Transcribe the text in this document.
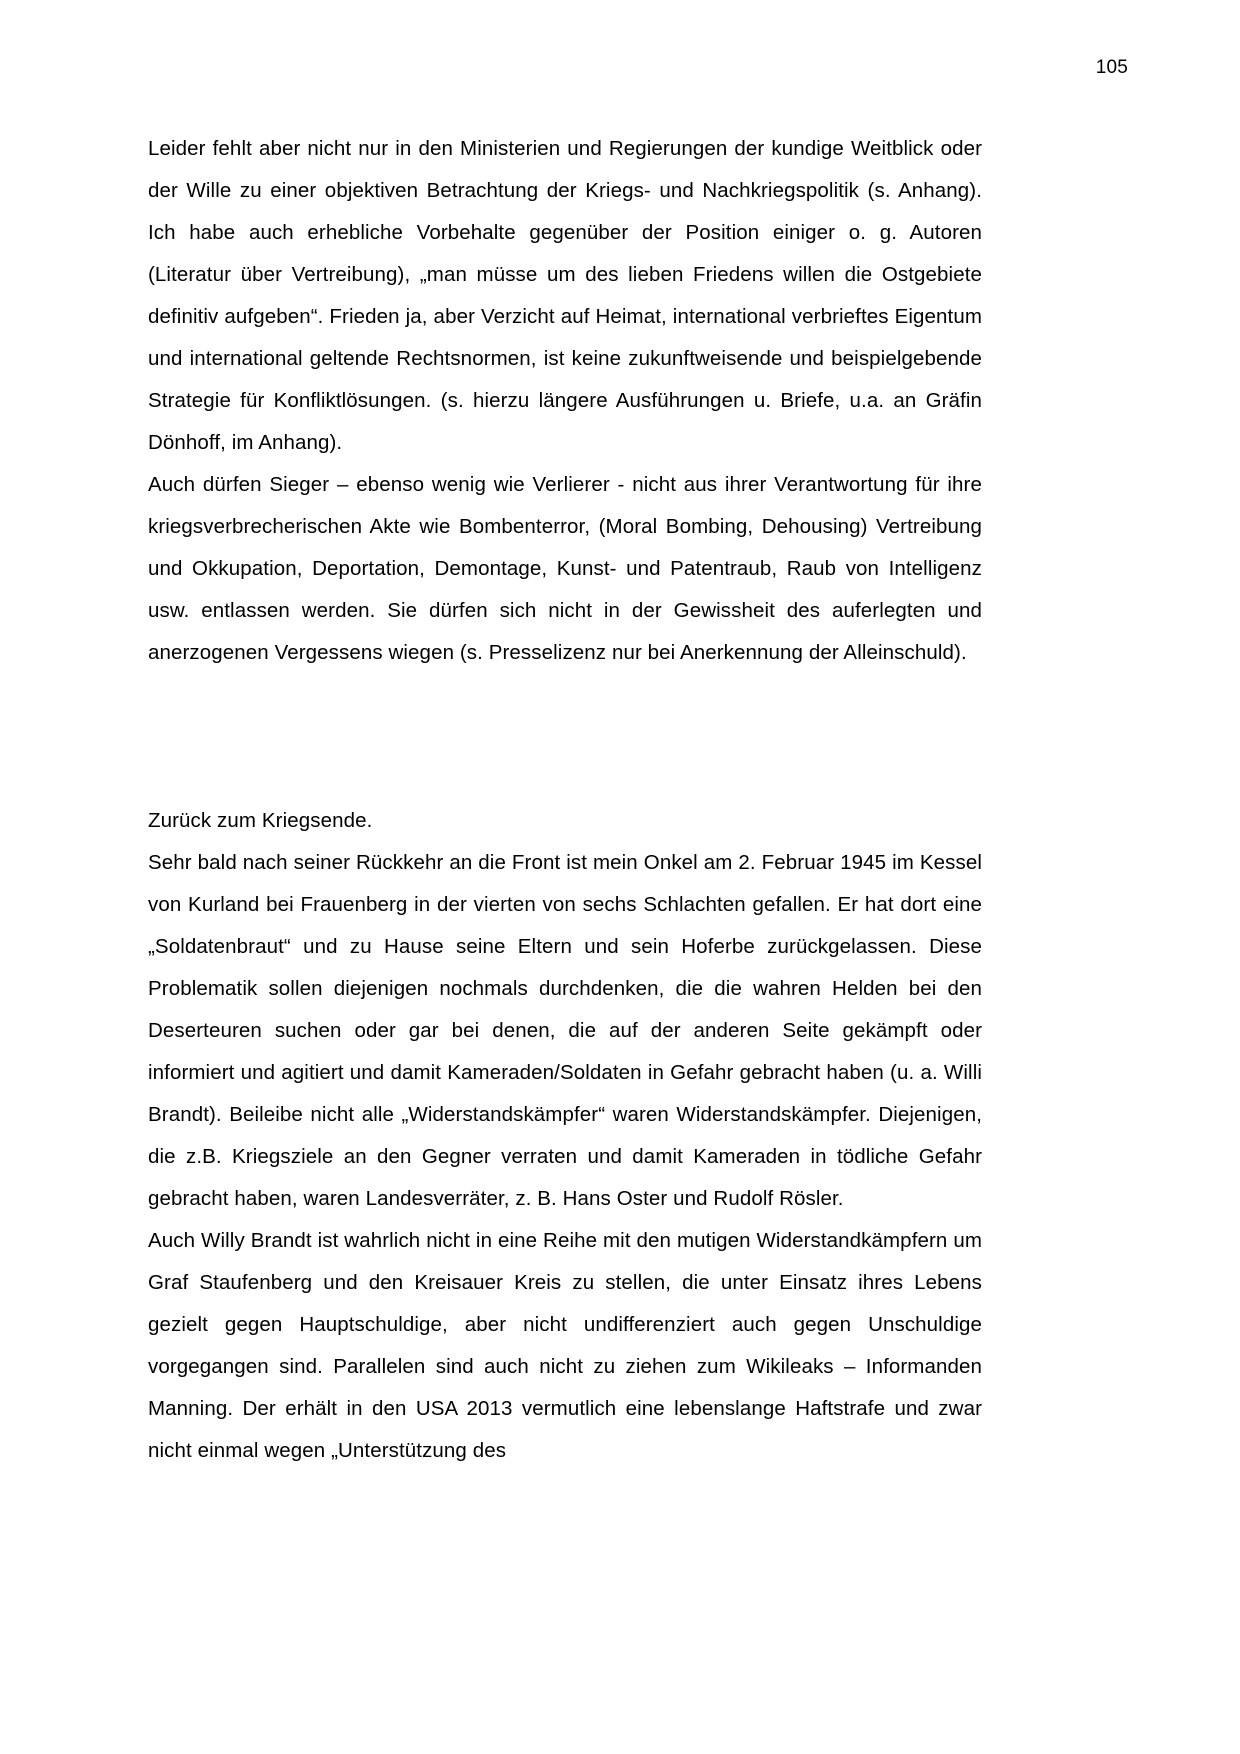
105

Leider fehlt aber nicht nur in den Ministerien und Regierungen der kundige Weitblick oder der Wille zu einer objektiven Betrachtung der Kriegs- und Nachkriegspolitik (s. Anhang). Ich habe auch erhebliche Vorbehalte gegenüber der Position einiger o. g. Autoren (Literatur über Vertreibung), „man müsse um des lieben Friedens willen die Ostgebiete definitiv aufgeben“. Frieden ja, aber Verzicht auf Heimat, international verbrieftes Eigentum und international geltende Rechtsnormen, ist keine zukunftweisende und beispielgebende Strategie für Konfliktlösungen. (s. hierzu längere Ausführungen u. Briefe, u.a. an Gräfin Dönhoff, im Anhang).

Auch dürfen Sieger – ebenso wenig wie Verlierer - nicht aus ihrer Verantwortung für ihre kriegsverbrecherischen Akte wie Bombenterror, (Moral Bombing, Dehousing) Vertreibung und Okkupation, Deportation, Demontage, Kunst- und Patentraub, Raub von Intelligenz usw. entlassen werden. Sie dürfen sich nicht in der Gewissheit des auferlegten und anerzogenen Vergessens wiegen (s. Presselizenz nur bei Anerkennung der Alleinschuld).

Zurück zum Kriegsende.

Sehr bald nach seiner Rückkehr an die Front ist mein Onkel am 2. Februar 1945 im Kessel von Kurland bei Frauenberg in der vierten von sechs Schlachten gefallen. Er hat dort eine „Soldatenbraut“ und zu Hause seine Eltern und sein Hoferbe zurückgelassen. Diese Problematik sollen diejenigen nochmals durchdenken, die die wahren Helden bei den Deserteuren suchen oder gar bei denen, die auf der anderen Seite gekämpft oder informiert und agitiert und damit Kameraden/Soldaten in Gefahr gebracht haben (u. a. Willi Brandt). Beileibe nicht alle „Widerstandskämpfer“ waren Widerstandskämpfer. Diejenigen, die z.B. Kriegsziele an den Gegner verraten und damit Kameraden in tödliche Gefahr gebracht haben, waren Landesverräter, z. B. Hans Oster und Rudolf Rösler.

Auch Willy Brandt ist wahrlich nicht in eine Reihe mit den mutigen Widerstandkämpfern um Graf Staufenberg und den Kreisauer Kreis zu stellen, die unter Einsatz ihres Lebens gezielt gegen Hauptschuldige, aber nicht undifferenziert auch gegen Unschuldige vorgegangen sind. Parallelen sind auch nicht zu ziehen zum Wikileaks – Informanden Manning. Der erhält in den USA 2013 vermutlich eine lebenslange Haftstrafe und zwar nicht einmal wegen „Unterstützung des
